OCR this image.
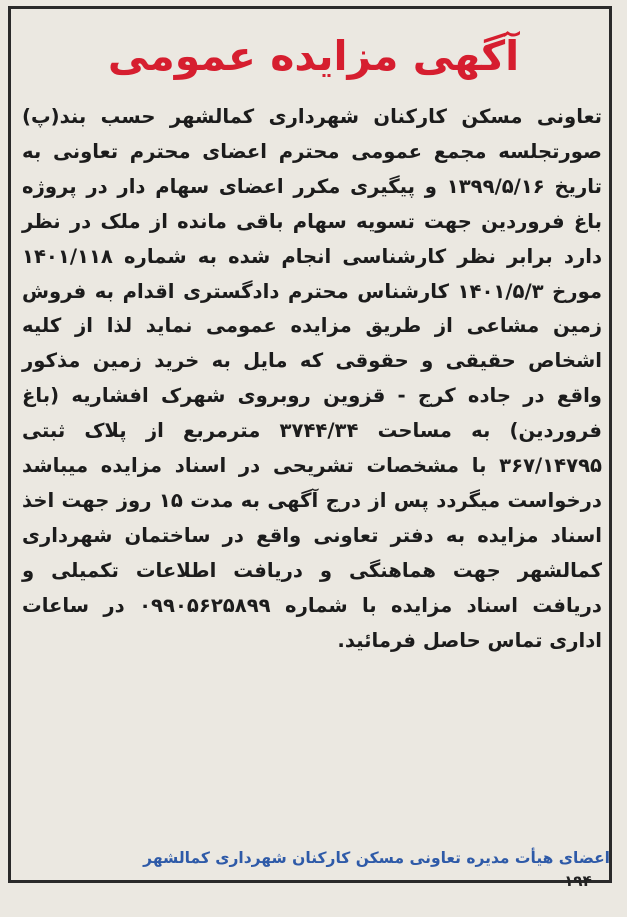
آگهی مزایده عمومی

تعاونی مسکن کارکنان شهرداری کمالشهر حسب بند(پ) صورتجلسه مجمع عمومی محترم اعضای محترم تعاونی به تاریخ ۱۳۹۹/۵/۱۶ و پیگیری مکرر اعضای سهام دار در پروژه باغ فروردین جهت تسویه سهام باقی مانده از ملک در نظر دارد برابر نظر کارشناسی انجام شده به شماره ۱۴۰۱/۱۱۸ مورخ ۱۴۰۱/۵/۳ کارشناس محترم دادگستری اقدام به فروش زمین مشاعی از طریق مزایده عمومی نماید لذا از کلیه اشخاص حقیقی و حقوقی که مایل به خرید زمین مذکور واقع در جاده کرج - قزوین روبروی شهرک افشاریه (باغ فروردین) به مساحت ۳۷۴۴/۳۴ مترمربع از پلاک ثبتی ۳۶۷/۱۴۷۹۵ با مشخصات تشریحی در اسناد مزایده میباشد درخواست میگردد پس از درج آگهی به مدت ۱۵ روز جهت اخذ اسناد مزایده به دفتر تعاونی واقع در ساختمان شهرداری کمالشهر جهت هماهنگی و دریافت اطلاعات تکمیلی و دریافت اسناد مزایده با شماره ۰۹۹۰۵۶۲۵۸۹۹ در ساعات اداری تماس حاصل فرمائید.

اعضای هیأت مدیره تعاونی مسکن کارکنان شهرداری کمالشهر

۱۹۴
